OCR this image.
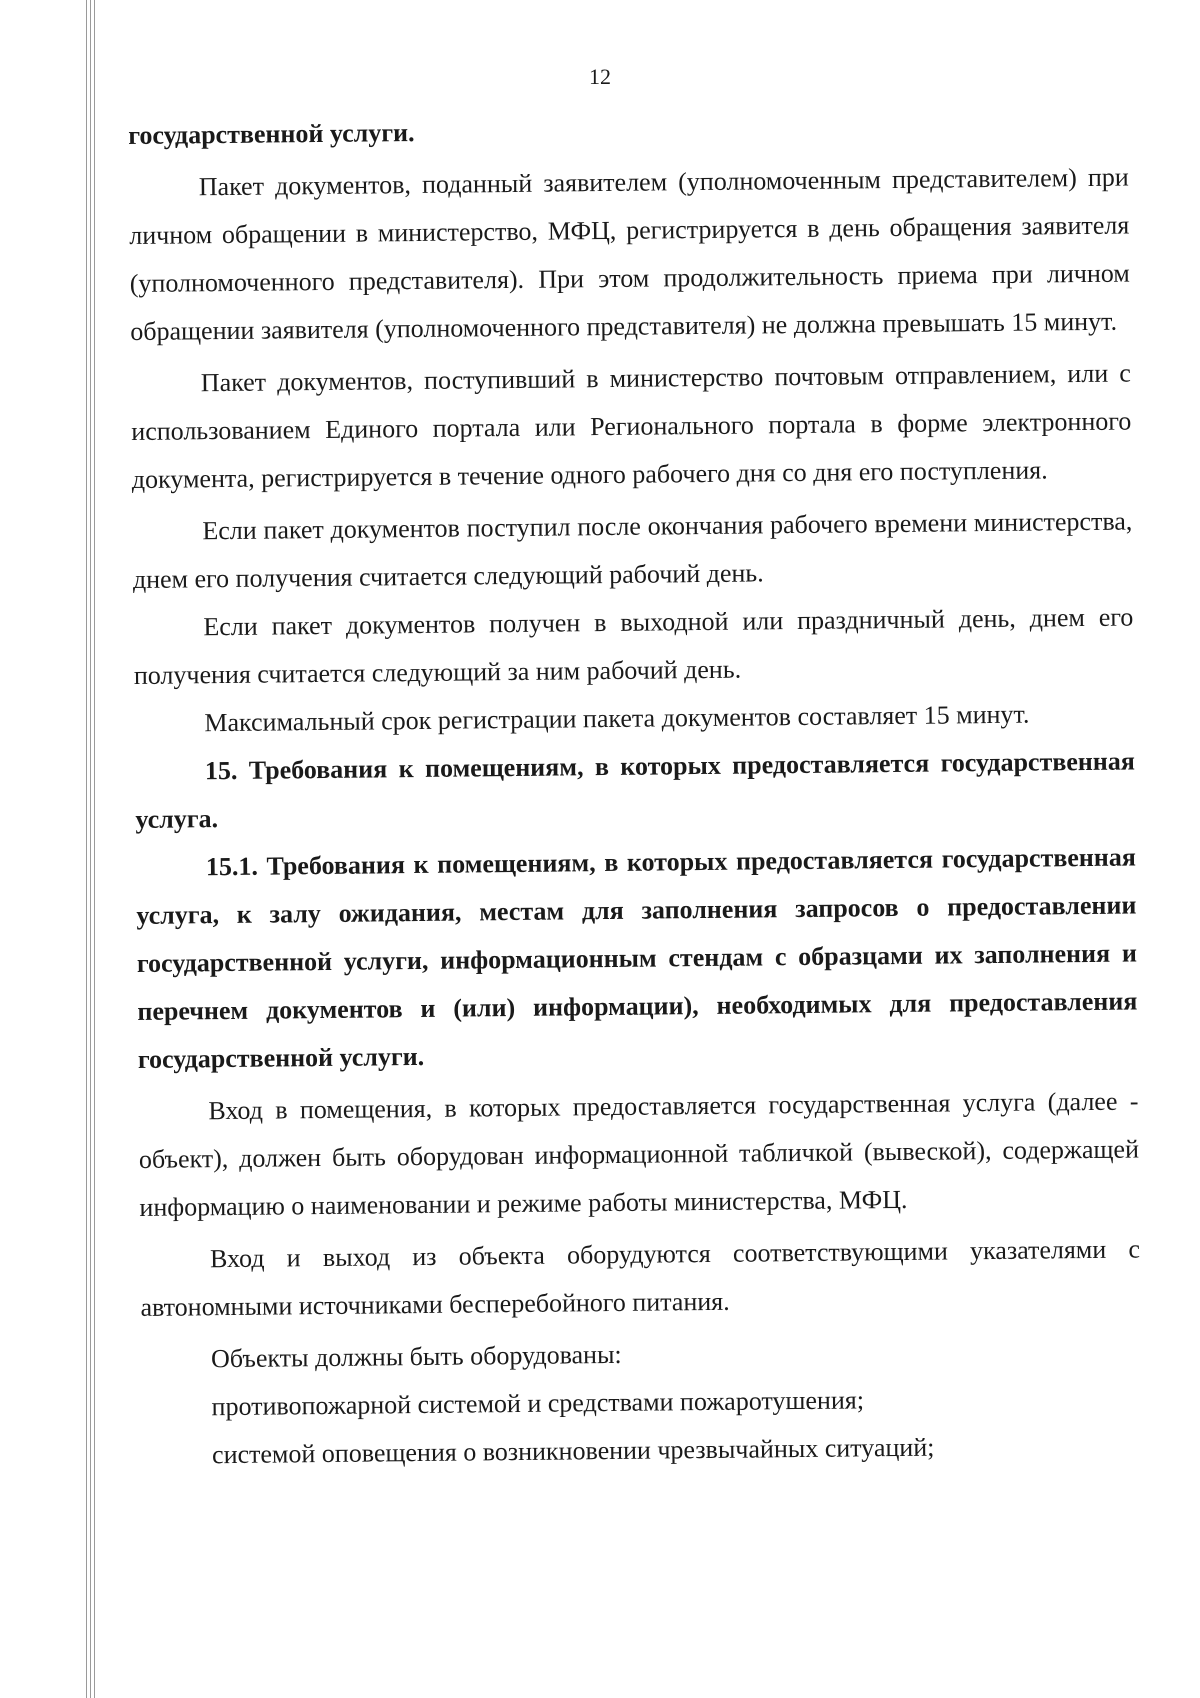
12

государственной услуги.

Пакет документов, поданный заявителем (уполномоченным представителем) при личном обращении в министерство, МФЦ, регистрируется в день обращения заявителя (уполномоченного представителя). При этом продолжительность приема при личном обращении заявителя (уполномоченного представителя) не должна превышать 15 минут.

Пакет документов, поступивший в министерство почтовым отправлением, или с использованием Единого портала или Регионального портала в форме электронного документа, регистрируется в течение одного рабочего дня со дня его поступления.

Если пакет документов поступил после окончания рабочего времени министерства, днем его получения считается следующий рабочий день.

Если пакет документов получен в выходной или праздничный день, днем его получения считается следующий за ним рабочий день.

Максимальный срок регистрации пакета документов составляет 15 минут.

15. Требования к помещениям, в которых предоставляется государственная услуга.

15.1. Требования к помещениям, в которых предоставляется государственная услуга, к залу ожидания, местам для заполнения запросов о предоставлении государственной услуги, информационным стендам с образцами их заполнения и перечнем документов и (или) информации), необходимых для предоставления государственной услуги.

Вход в помещения, в которых предоставляется государственная услуга (далее - объект), должен быть оборудован информационной табличкой (вывеской), содержащей информацию о наименовании и режиме работы министерства, МФЦ.

Вход и выход из объекта оборудуются соответствующими указателями с автономными источниками бесперебойного питания.

Объекты должны быть оборудованы:

противопожарной системой и средствами пожаротушения;

системой оповещения о возникновении чрезвычайных ситуаций;
